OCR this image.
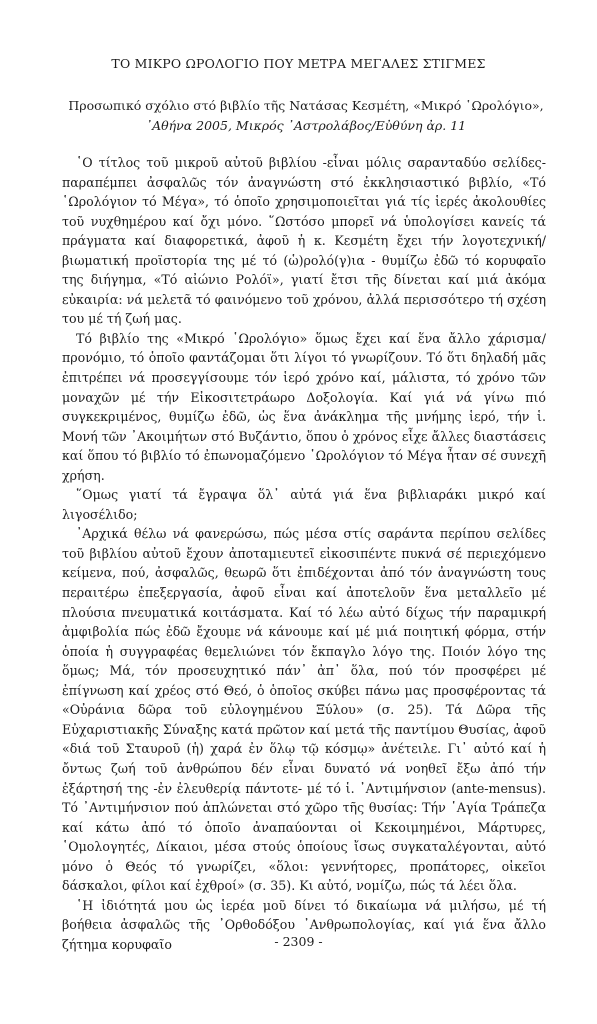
ΤΟ ΜΙΚΡΟ ΩΡΟΛΟΓΙΟ ΠΟΥ ΜΕΤΡΑ ΜΕΓΑΛΕΣ ΣΤΙΓΜΕΣ
Προσωπικό σχόλιο στό βιβλίο τῆς Νατάσας Κεσμέτη, «Μικρό ῾Ωρολόγιο»,
᾿Αθήνα 2005, Μικρός ᾿Αστρολάβος/Εὐθύνη ἀρ. 11

῾Ο τίτλος τοῦ μικροῦ αὐτοῦ βιβλίου -εἶναι μόλις σαρανταδύο σελίδες- παραπέμπει ἀσφαλῶς τόν ἀναγνώστη στό ἐκκλησιαστικό βιβλίο, «Τό ῾Ωρολόγιον τό Μέγα», τό ὁποῖο χρησιμοποιεῖται γιά τίς ἱερές ἀκολουθίες τοῦ νυχθημέρου καί ὄχι μόνο. ῞Ωστόσο μπορεῖ νά ὑπολογίσει κανείς τά πράγματα καί διαφορετικά, ἀφοῦ ἡ κ. Κεσμέτη ἔχει τήν λογοτεχνική/βιωματική προϊστορία της μέ τό (ὡ)ρολό(γ)ια - θυμίζω ἐδῶ τό κορυφαῖο της διήγημα, «Τό αἰώνιο Ρολόϊ», γιατί ἔτσι τῆς δίνεται καί μιά ἀκόμα εὐκαιρία: νά μελετᾶ τό φαινόμενο τοῦ χρόνου, ἀλλά περισσότερο τή σχέση του μέ τή ζωή μας.

Τό βιβλίο της «Μικρό ῾Ωρολόγιο» ὅμως ἔχει καί ἕνα ἄλλο χάρισμα/προνόμιο, τό ὁποῖο φαντάζομαι ὅτι λίγοι τό γνωρίζουν. Τό ὅτι δηλαδή μᾶς ἐπιτρέπει νά προσεγγίσουμε τόν ἱερό χρόνο καί, μάλιστα, τό χρόνο τῶν μοναχῶν μέ τήν Εἰκοσιτετράωρο Δοξολογία. Καί γιά νά γίνω πιό συγκεκριμένος, θυμίζω ἐδῶ, ὡς ἕνα ἀνάκλημα τῆς μνήμης ἱερό, τήν ἱ. Μονή τῶν ᾿Ακοιμήτων στό Βυζάντιο, ὅπου ὁ χρόνος εἶχε ἄλλες διαστάσεις καί ὅπου τό βιβλίο τό ἐπωνομαζόμενο ῾Ωρολόγιον τό Μέγα ἦταν σέ συνεχῆ χρήση.

῞Ομως γιατί τά ἔγραψα ὅλ᾿ αὐτά γιά ἕνα βιβλιαράκι μικρό καί λιγοσέλιδο;

᾿Αρχικά θέλω νά φανερώσω, πώς μέσα στίς σαράντα περίπου σελίδες τοῦ βιβλίου αὐτοῦ ἔχουν ἀποταμιευτεῖ εἰκοσιπέντε πυκνά σέ περιεχόμενο κείμενα, πού, ἀσφαλῶς, θεωρῶ ὅτι ἐπιδέχονται ἀπό τόν ἀναγνώστη τους περαιτέρω ἐπεξεργασία, ἀφοῦ εἶναι καί ἀποτελοῦν ἕνα μεταλλεῖο μέ πλούσια πνευματικά κοιτάσματα. Καί τό λέω αὐτό δίχως τήν παραμικρή ἀμφιβολία πώς ἐδῶ ἔχουμε νά κάνουμε καί μέ μιά ποιητική φόρμα, στήν ὁποία ἡ συγγραφέας θεμελιώνει τόν ἔκπαγλο λόγο της. Ποιόν λόγο της ὅμως; Μά, τόν προσευχητικό πάν᾿ ἀπ᾿ ὅλα, πού τόν προσφέρει μέ ἐπίγνωση καί χρέος στό Θεό, ὁ ὁποῖος σκύβει πάνω μας προσφέροντας τά «Οὐράνια δῶρα τοῦ εὐλογημένου Ξύλου» (σ. 25). Τά Δῶρα τῆς Εὐχαριστιακῆς Σύναξης κατά πρῶτον καί μετά τῆς παντίμου Θυσίας, ἀφοῦ «διά τοῦ Σταυροῦ (ἡ) χαρά ἐν ὅλῳ τῷ κόσμῳ» ἀνέτειλε. Γι᾿ αὐτό καί ἡ ὄντως ζωή τοῦ ἀνθρώπου δέν εἶναι δυνατό νά νοηθεῖ ἔξω ἀπό τήν ἐξάρτησή της -ἐν ἐλευθερίᾳ πάντοτε- μέ τό ἱ. ᾿Αντιμήνσιον (ante-mensus). Τό ᾿Αντιμήνσιον πού ἁπλώνεται στό χῶρο τῆς θυσίας: Τήν ῾Αγία Τράπεζα καί κάτω ἀπό τό ὁποῖο ἀναπαύονται οἱ Κεκοιμημένοι, Μάρτυρες, ῾Ομολογητές, Δίκαιοι, μέσα στούς ὁποίους ἴσως συγκαταλέγονται, αὐτό μόνο ὁ Θεός τό γνωρίζει, «ὅλοι: γεννήτορες, προπάτορες, οἰκεῖοι δάσκαλοι, φίλοι καί ἐχθροί» (σ. 35). Κι αὐτό, νομίζω, πώς τά λέει ὅλα.

῾Η ἰδιότητά μου ὡς ἱερέα μοῦ δίνει τό δικαίωμα νά μιλήσω, μέ τή βοήθεια ἀσφαλῶς τῆς ᾿Ορθοδόξου ᾿Ανθρωπολογίας, καί γιά ἕνα ἄλλο ζήτημα κορυφαῖο	- 2309 -
